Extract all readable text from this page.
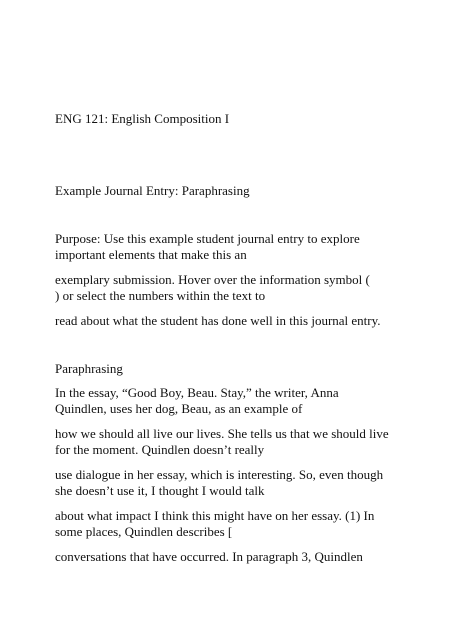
ENG 121: English Composition I

Example Journal Entry: Paraphrasing

Purpose: Use this example student journal entry to explore

important elements that make this an

exemplary submission. Hover over the information symbol (

) or select the numbers within the text to

read about what the student has done well in this journal entry.

Paraphrasing

In the essay, “Good Boy, Beau. Stay,” the writer, Anna

Quindlen, uses her dog, Beau, as an example of

how we should all live our lives. She tells us that we should live

for the moment. Quindlen doesn’t really

use dialogue in her essay, which is interesting. So, even though

she doesn’t use it, I thought I would talk

about what impact I think this might have on her essay. (1) In

some places, Quindlen describes [

conversations that have occurred. In paragraph 3, Quindlen
